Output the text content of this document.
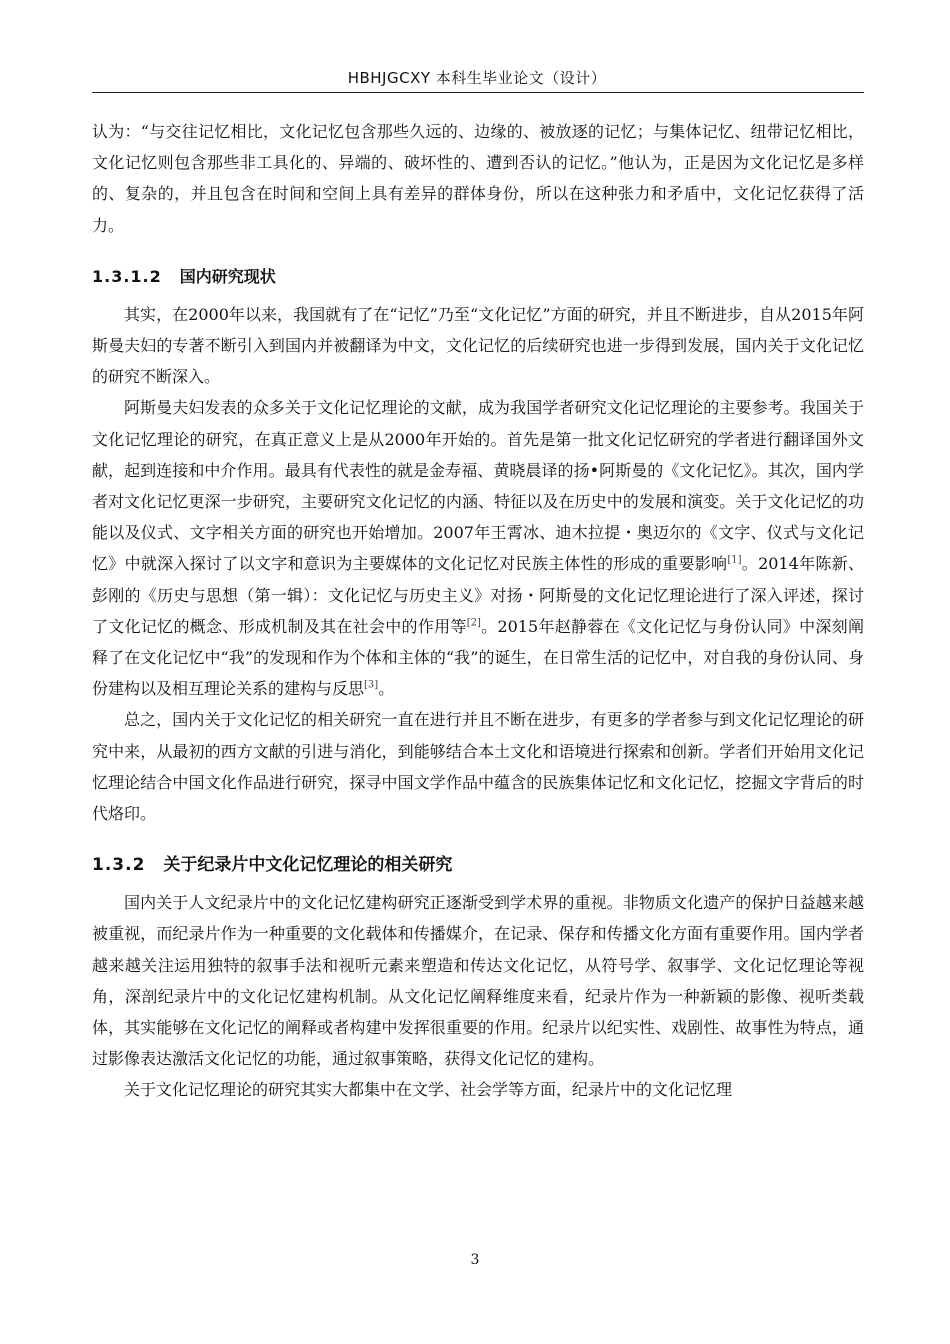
HBHJGCXY 本科生毕业论文（设计）

认为：“与交往记忆相比，文化记忆包含那些久远的、边缘的、被放逐的记忆；与集体记忆、纽带记忆相比，文化记忆则包含那些非工具化的、异端的、破坏性的、遭到否认的记忆。”他认为，正是因为文化记忆是多样的、复杂的，并且包含在时间和空间上具有差异的群体身份，所以在这种张力和矛盾中，文化记忆获得了活力。

1.3.1.2 国内研究现状

其实，在2000年以来，我国就有了在“记忆”乃至“文化记忆”方面的研究，并且不断进步，自从2015年阿斯曼夫妇的专著不断引入到国内并被翻译为中文，文化记忆的后续研究也进一步得到发展，国内关于文化记忆的研究不断深入。

阿斯曼夫妇发表的众多关于文化记忆理论的文献，成为我国学者研究文化记忆理论的主要参考。我国关于文化记忆理论的研究，在真正意义上是从2000年开始的。首先是第一批文化记忆研究的学者进行翻译国外文献，起到连接和中介作用。最具有代表性的就是金寿福、黄晓晨译的扬•阿斯曼的《文化记忆》。其次，国内学者对文化记忆更深一步研究，主要研究文化记忆的内涵、特征以及在历史中的发展和演变。关于文化记忆的功能以及仪式、文字相关方面的研究也开始增加。2007年王霄冰、迪木拉提・奥迈尔的《文字、仪式与文化记忆》中就深入探讨了以文字和意识为主要媒体的文化记忆对民族主体性的形成的重要影响[1]。2014年陈新、彭刚的《历史与思想（第一辑）：文化记忆与历史主义》对扬・阿斯曼的文化记忆理论进行了深入评述，探讨了文化记忆的概念、形成机制及其在社会中的作用等[2]。2015年赵静蓉在《文化记忆与身份认同》中深刻阐释了在文化记忆中“我”的发现和作为个体和主体的“我”的诞生，在日常生活的记忆中，对自我的身份认同、身份建构以及相互理论关系的建构与反思[3]。

总之，国内关于文化记忆的相关研究一直在进行并且不断在进步，有更多的学者参与到文化记忆理论的研究中来，从最初的西方文献的引进与消化，到能够结合本土文化和语境进行探索和创新。学者们开始用文化记忆理论结合中国文化作品进行研究，探寻中国文学作品中蕴含的民族集体记忆和文化记忆，挖掘文字背后的时代烙印。

1.3.2 关于纪录片中文化记忆理论的相关研究

国内关于人文纪录片中的文化记忆建构研究正逐渐受到学术界的重视。非物质文化遗产的保护日益越来越被重视，而纪录片作为一种重要的文化载体和传播媒介，在记录、保存和传播文化方面有重要作用。国内学者越来越关注运用独特的叙事手法和视听元素来塑造和传达文化记忆，从符号学、叙事学、文化记忆理论等视角，深剖纪录片中的文化记忆建构机制。从文化记忆阐释维度来看，纪录片作为一种新颖的影像、视听类载体，其实能够在文化记忆的阐释或者构建中发挥很重要的作用。纪录片以纪实性、戏剧性、故事性为特点，通过影像表达激活文化记忆的功能，通过叙事策略，获得文化记忆的建构。

关于文化记忆理论的研究其实大都集中在文学、社会学等方面，纪录片中的文化记忆理

3
